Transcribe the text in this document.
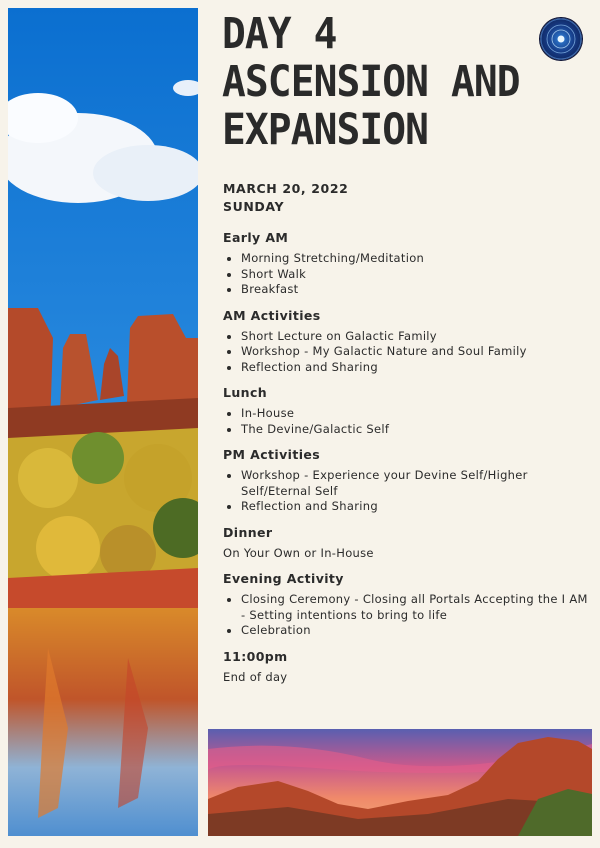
DAY 4
ASCENSION AND
EXPANSION
MARCH 20, 2022
SUNDAY
Early AM
• Morning Stretching/Meditation
• Short Walk
• Breakfast
AM Activities
• Short Lecture on Galactic Family
• Workshop - My Galactic Nature and Soul Family
• Reflection and Sharing
Lunch
• In-House
• The Devine/Galactic Self
PM Activities
• Workshop - Experience your Devine Self/Higher Self/Eternal Self
• Reflection and Sharing
Dinner

On Your Own or In-House

Evening Activity
• Closing Ceremony - Closing all Portals Accepting the I AM - Setting intentions to bring to life
• Celebration
11:00pm

End of day
